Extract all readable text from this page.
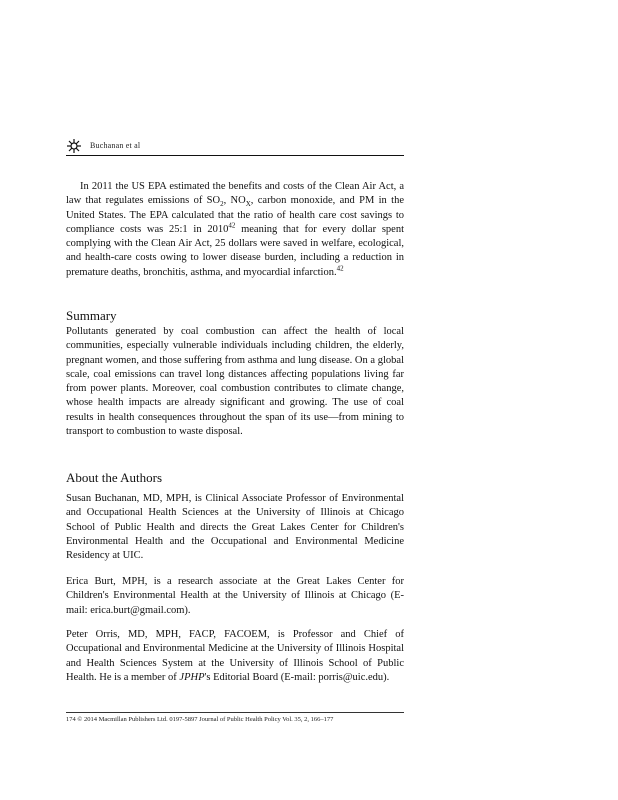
Buchanan et al

In 2011 the US EPA estimated the benefits and costs of the Clean Air Act, a law that regulates emissions of $SO_2$, $NO_X$, carbon monoxide, and PM in the United States. The EPA calculated that the ratio of health care cost savings to compliance costs was 25:1 in 2010$^{42}$ meaning that for every dollar spent complying with the Clean Air Act, 25 dollars were saved in welfare, ecological, and health-care costs owing to lower disease burden, including a reduction in premature deaths, bronchitis, asthma, and myocardial infarction.$^{42}$

Summary

Pollutants generated by coal combustion can affect the health of local communities, especially vulnerable individuals including children, the elderly, pregnant women, and those suffering from asthma and lung disease. On a global scale, coal emissions can travel long distances affecting populations living far from power plants. Moreover, coal combustion contributes to climate change, whose health impacts are already significant and growing. The use of coal results in health consequences throughout the span of its use—from mining to transport to combustion to waste disposal.

About the Authors

Susan Buchanan, MD, MPH, is Clinical Associate Professor of Environmental and Occupational Health Sciences at the University of Illinois at Chicago School of Public Health and directs the Great Lakes Center for Children's Environmental Health and the Occupational and Environmental Medicine Residency at UIC.

Erica Burt, MPH, is a research associate at the Great Lakes Center for Children's Environmental Health at the University of Illinois at Chicago (E-mail: erica.burt@gmail.com).

Peter Orris, MD, MPH, FACP, FACOEM, is Professor and Chief of Occupational and Environmental Medicine at the University of Illinois Hospital and Health Sciences System at the University of Illinois School of Public Health. He is a member of JPHP's Editorial Board (E-mail: porris@uic.edu).

174 © 2014 Macmillan Publishers Ltd. 0197-5897 Journal of Public Health Policy Vol. 35, 2, 166–177
